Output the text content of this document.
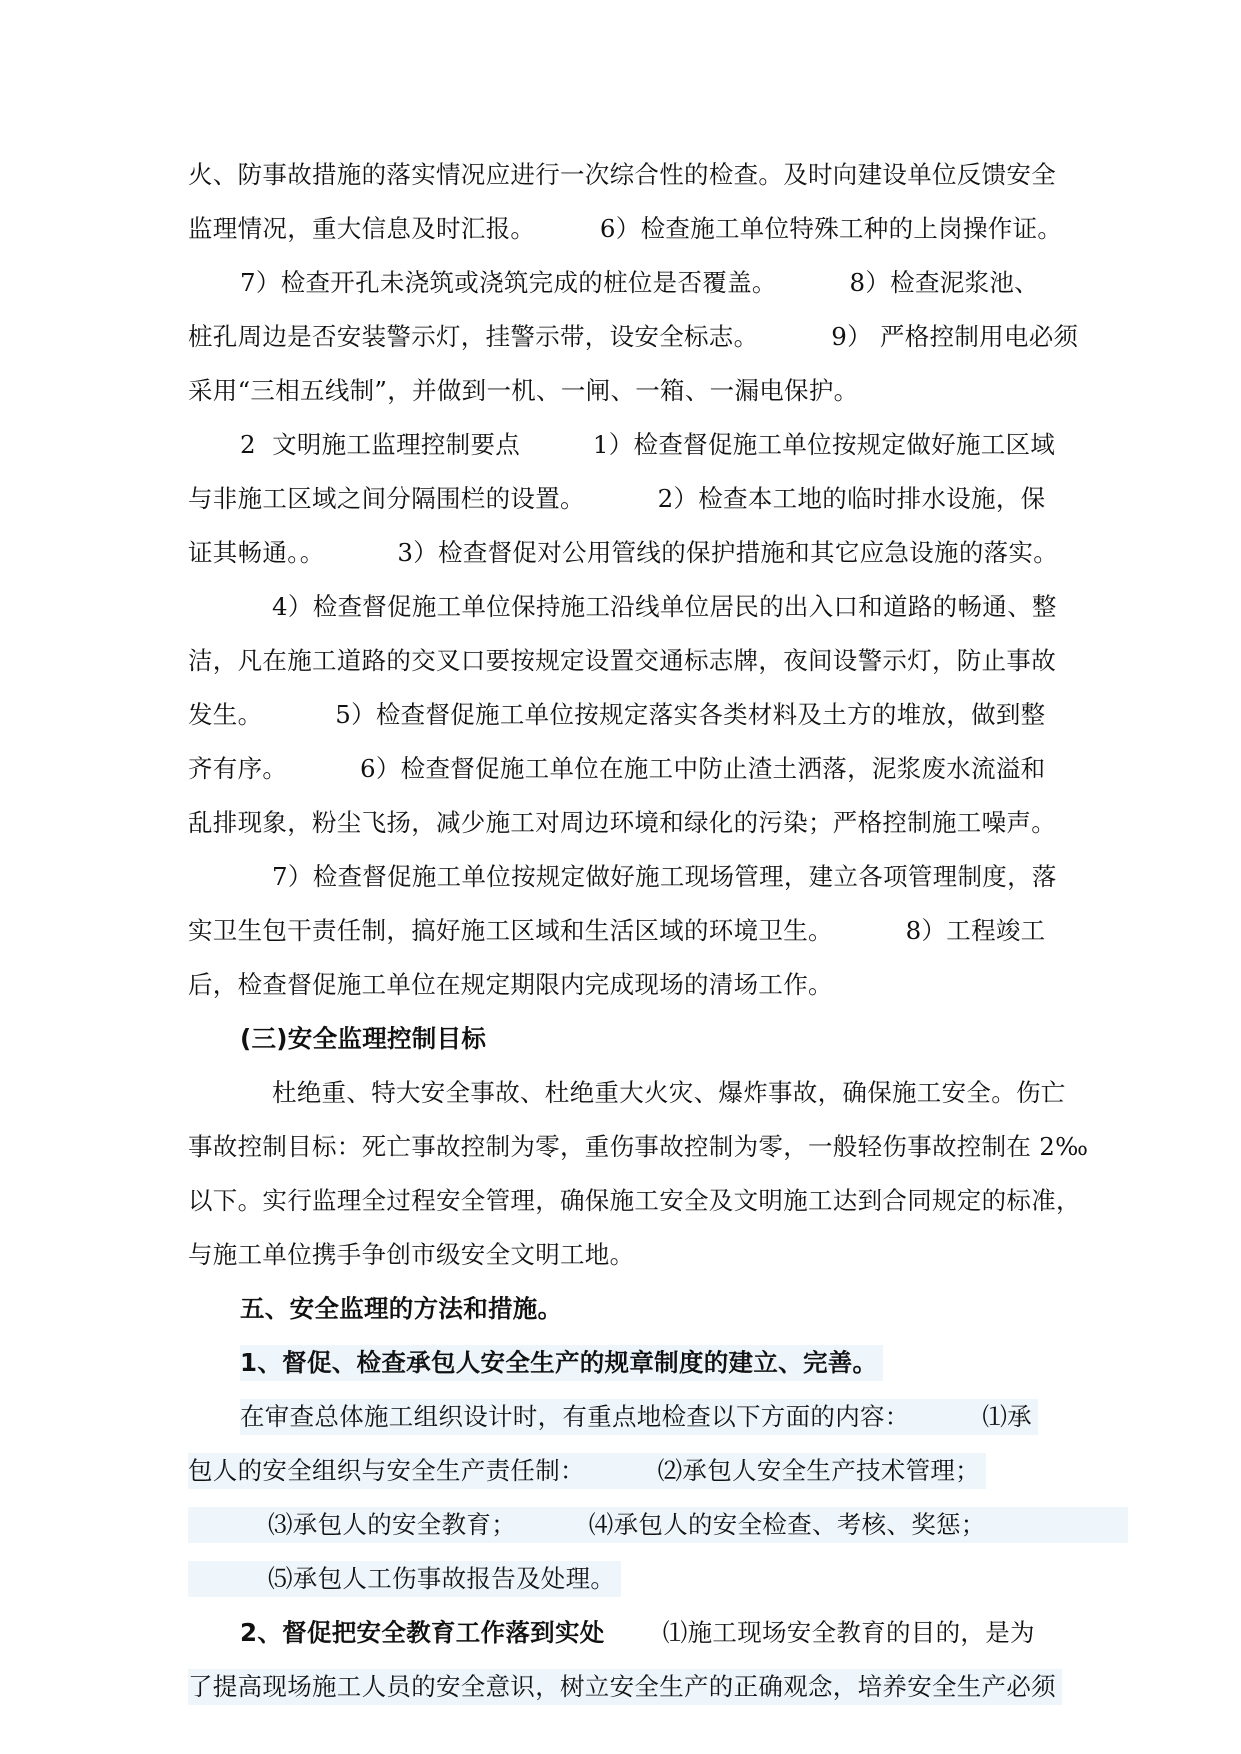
火、防事故措施的落实情况应进行一次综合性的检查。及时向建设单位反馈安全
监理情况，重大信息及时汇报。        6）检查施工单位特殊工种的上岗操作证。
7）检查开孔未浇筑或浇筑完成的桩位是否覆盖。         8）检查泥浆池、
桩孔周边是否安装警示灯，挂警示带，设安全标志。         9） 严格控制用电必须
采用“三相五线制”，并做到一机、一闸、一箱、一漏电保护。
2  文明施工监理控制要点         1）检查督促施工单位按规定做好施工区域
与非施工区域之间分隔围栏的设置。         2）检查本工地的临时排水设施，保
证其畅通。。         3）检查督促对公用管线的保护措施和其它应急设施的落实。
4）检查督促施工单位保持施工沿线单位居民的出入口和道路的畅通、整
洁，凡在施工道路的交叉口要按规定设置交通标志牌，夜间设警示灯，防止事故
发生。         5）检查督促施工单位按规定落实各类材料及土方的堆放，做到整
齐有序。         6）检查督促施工单位在施工中防止渣土洒落，泥浆废水流溢和
乱排现象，粉尘飞扬，减少施工对周边环境和绿化的污染；严格控制施工噪声。
7）检查督促施工单位按规定做好施工现场管理，建立各项管理制度，落
实卫生包干责任制，搞好施工区域和生活区域的环境卫生。         8）工程竣工
后，检查督促施工单位在规定期限内完成现场的清场工作。
(三)安全监理控制目标
杜绝重、特大安全事故、杜绝重大火灾、爆炸事故，确保施工安全。伤亡
事故控制目标：死亡事故控制为零，重伤事故控制为零，一般轻伤事故控制在 2‰
以下。实行监理全过程安全管理，确保施工安全及文明施工达到合同规定的标准，
与施工单位携手争创市级安全文明工地。
五、安全监理的方法和措施。
1、督促、检查承包人安全生产的规章制度的建立、完善。
在审查总体施工组织设计时，有重点地检查以下方面的内容：         ⑴承
包人的安全组织与安全生产责任制：         ⑵承包人安全生产技术管理；
⑶承包人的安全教育；         ⑷承包人的安全检查、考核、奖惩；
⑸承包人工伤事故报告及处理。
2、督促把安全教育工作落到实处
⑴施工现场安全教育的目的，是为
了提高现场施工人员的安全意识，树立安全生产的正确观念，培养安全生产必须
